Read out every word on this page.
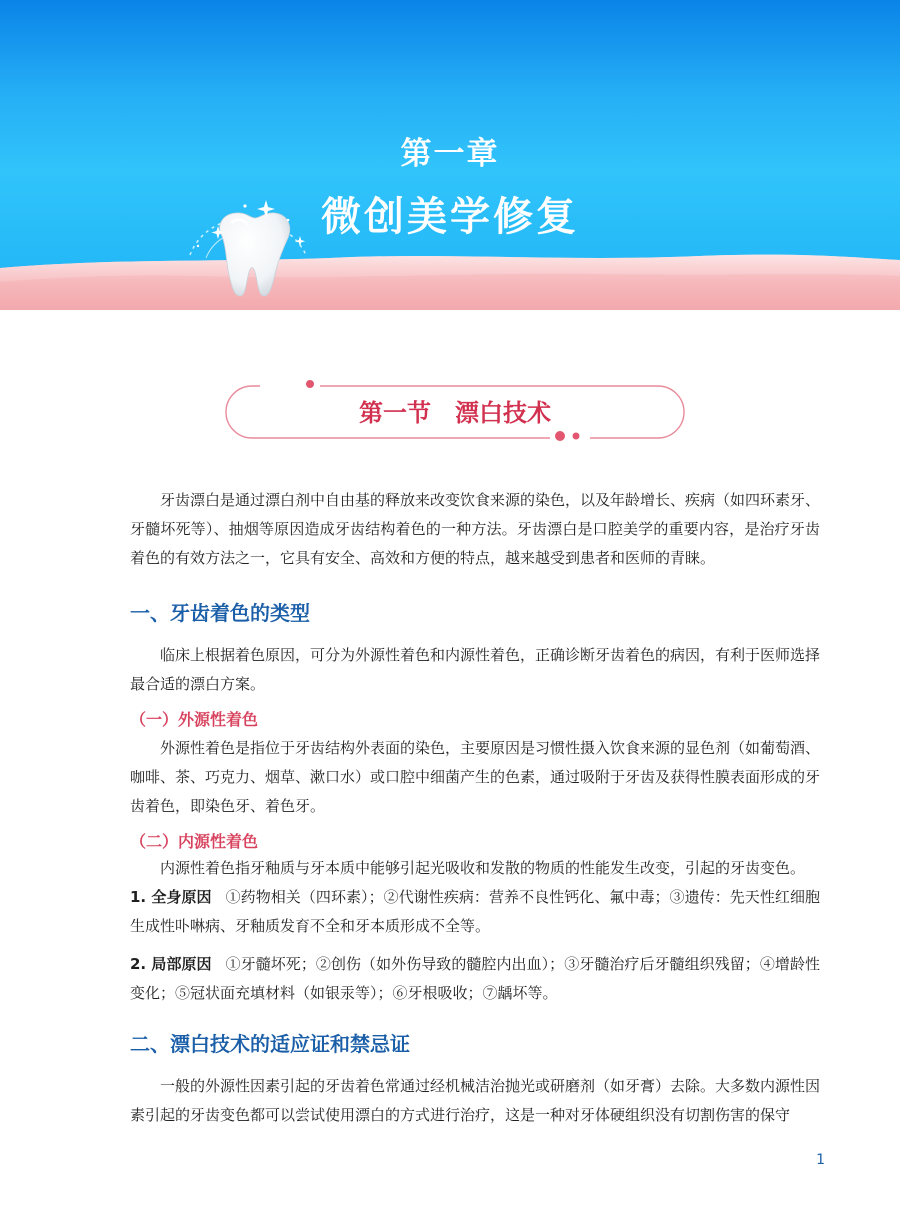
第一章
微创美学修复
第一节　漂白技术

牙齿漂白是通过漂白剂中自由基的释放来改变饮食来源的染色，以及年龄增长、疾病（如四环素牙、牙髓坏死等）、抽烟等原因造成牙齿结构着色的一种方法。牙齿漂白是口腔美学的重要内容，是治疗牙齿着色的有效方法之一，它具有安全、高效和方便的特点，越来越受到患者和医师的青睐。

一、牙齿着色的类型

临床上根据着色原因，可分为外源性着色和内源性着色，正确诊断牙齿着色的病因，有利于医师选择最合适的漂白方案。

（一）外源性着色

外源性着色是指位于牙齿结构外表面的染色，主要原因是习惯性摄入饮食来源的显色剂（如葡萄酒、咖啡、茶、巧克力、烟草、漱口水）或口腔中细菌产生的色素，通过吸附于牙齿及获得性膜表面形成的牙齿着色，即染色牙、着色牙。

（二）内源性着色

内源性着色指牙釉质与牙本质中能够引起光吸收和发散的物质的性能发生改变，引起的牙齿变色。

1. 全身原因 ①药物相关（四环素）；②代谢性疾病：营养不良性钙化、氟中毒；③遗传：先天性红细胞生成性卟啉病、牙釉质发育不全和牙本质形成不全等。

2. 局部原因 ①牙髓坏死；②创伤（如外伤导致的髓腔内出血）；③牙髓治疗后牙髓组织残留；④增龄性变化；⑤冠状面充填材料（如银汞等）；⑥牙根吸收；⑦龋坏等。

二、漂白技术的适应证和禁忌证

一般的外源性因素引起的牙齿着色常通过经机械洁治抛光或研磨剂（如牙膏）去除。大多数内源性因素引起的牙齿变色都可以尝试使用漂白的方式进行治疗，这是一种对牙体硬组织没有切割伤害的保守

1
